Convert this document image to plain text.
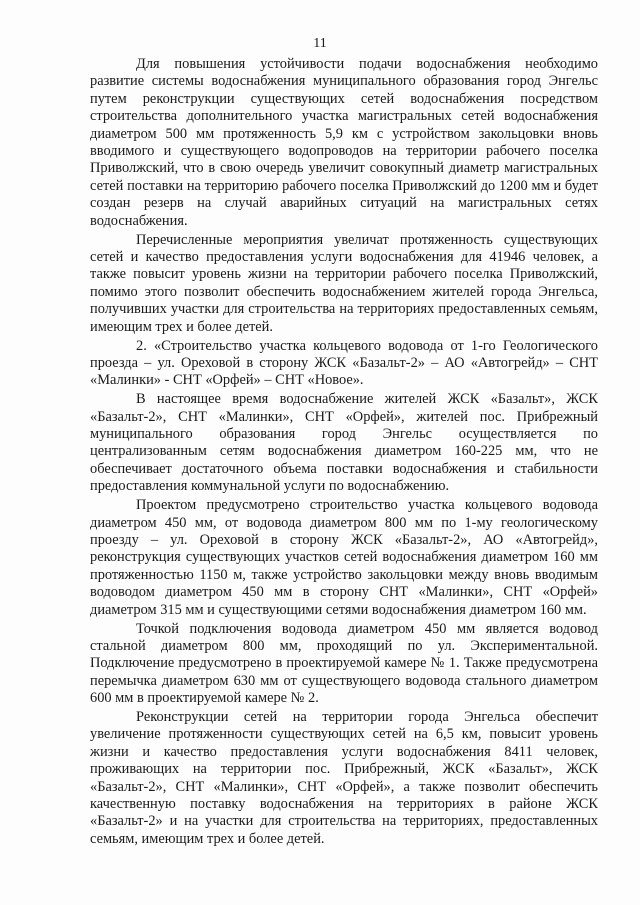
11

Для повышения устойчивости подачи водоснабжения необходимо развитие системы водоснабжения муниципального образования город Энгельс путем реконструкции существующих сетей водоснабжения посредством строительства дополнительного участка магистральных сетей водоснабжения диаметром 500 мм протяженность 5,9 км с устройством закольцовки вновь вводимого и существующего водопроводов на территории рабочего поселка Приволжский, что в свою очередь увеличит совокупный диаметр магистральных сетей поставки на территорию рабочего поселка Приволжский до 1200 мм и будет создан резерв на случай аварийных ситуаций на магистральных сетях водоснабжения.

Перечисленные мероприятия увеличат протяженность существующих сетей и качество предоставления услуги водоснабжения для 41946 человек, а также повысит уровень жизни на территории рабочего поселка Приволжский, помимо этого позволит обеспечить водоснабжением жителей города Энгельса, получивших участки для строительства на территориях предоставленных семьям, имеющим трех и более детей.

2. «Строительство участка кольцевого водовода от 1-го Геологического проезда – ул. Ореховой в сторону ЖСК «Базальт-2» – АО «Автогрейд» – СНТ «Малинки» - СНТ «Орфей» – СНТ «Новое».

В настоящее время водоснабжение жителей ЖСК «Базальт», ЖСК «Базальт-2», СНТ «Малинки», СНТ «Орфей», жителей пос. Прибрежный муниципального образования город Энгельс осуществляется по централизованным сетям водоснабжения диаметром 160-225 мм, что не обеспечивает достаточного объема поставки водоснабжения и стабильности предоставления коммунальной услуги по водоснабжению.

Проектом предусмотрено строительство участка кольцевого водовода диаметром 450 мм, от водовода диаметром 800 мм по 1-му геологическому проезду – ул. Ореховой в сторону ЖСК «Базальт-2», АО «Автогрейд», реконструкция существующих участков сетей водоснабжения диаметром 160 мм протяженностью 1150 м, также устройство закольцовки между вновь вводимым водоводом диаметром 450 мм в сторону СНТ «Малинки», СНТ «Орфей» диаметром 315 мм и существующими сетями водоснабжения диаметром 160 мм.

Точкой подключения водовода диаметром 450 мм является водовод стальной диаметром 800 мм, проходящий по ул. Экспериментальной. Подключение предусмотрено в проектируемой камере № 1. Также предусмотрена перемычка диаметром 630 мм от существующего водовода стального диаметром 600 мм в проектируемой камере № 2.

Реконструкции сетей на территории города Энгельса обеспечит увеличение протяженности существующих сетей на 6,5 км, повысит уровень жизни и качество предоставления услуги водоснабжения 8411 человек, проживающих на территории пос. Прибрежный, ЖСК «Базальт», ЖСК «Базальт-2», СНТ «Малинки», СНТ «Орфей», а также позволит обеспечить качественную поставку водоснабжения на территориях в районе ЖСК «Базальт-2» и на участки для строительства на территориях, предоставленных семьям, имеющим трех и более детей.
